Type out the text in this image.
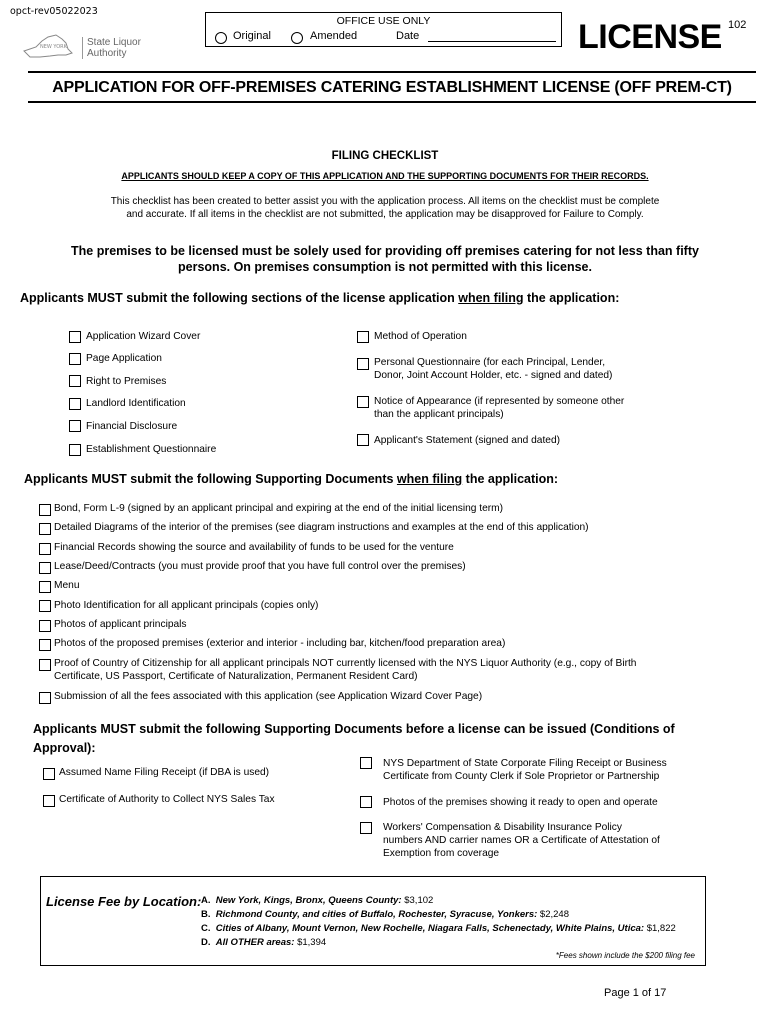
opct-rev05022023
NEW YORK State Liquor
Authority
OFFICE USE ONLY
Original	Amended	Date	LICENSE 102
APPLICATION FOR OFF-PREMISES CATERING ESTABLISHMENT LICENSE (OFF PREM-CT)
FILING CHECKLIST
APPLICANTS SHOULD KEEP A COPY OF THIS APPLICATION AND THE SUPPORTING DOCUMENTS FOR THEIR RECORDS.
This checklist has been created to better assist you with the application process. All items on the checklist must be complete
and accurate. If all items in the checklist are not submitted, the application may be disapproved for Failure to Comply.
The premises to be licensed must be solely used for providing off premises catering for not less than fifty
persons. On premises consumption is not permitted with this license.
Applicants MUST submit the following sections of the license application when filing the application:
Application Wizard Cover
Page Application
Right to Premises
Landlord Identification
Financial Disclosure
Establishment Questionnaire
Method of Operation
Personal Questionnaire (for each Principal, Lender,
Donor, Joint Account Holder, etc. - signed and dated)
Notice of Appearance (if represented by someone other
than the applicant principals)
Applicant's Statement (signed and dated)
Applicants MUST submit the following Supporting Documents when filing the application:
Bond, Form L-9 (signed by an applicant principal and expiring at the end of the initial licensing term)
Detailed Diagrams of the interior of the premises (see diagram instructions and examples at the end of this application)
Financial Records showing the source and availability of funds to be used for the venture
Lease/Deed/Contracts (you must provide proof that you have full control over the premises)
Menu
Photo Identification for all applicant principals (copies only)
Photos of applicant principals
Photos of the proposed premises (exterior and interior - including bar, kitchen/food preparation area)
Proof of Country of Citizenship for all applicant principals NOT currently licensed with the NYS Liquor Authority (e.g., copy of Birth
Certificate, US Passport, Certificate of Naturalization, Permanent Resident Card)
Submission of all the fees associated with this application (see Application Wizard Cover Page)
Applicants MUST submit the following Supporting Documents before a license can be issued (Conditions of
Approval):
Assumed Name Filing Receipt (if DBA is used)
Certificate of Authority to Collect NYS Sales Tax
NYS Department of State Corporate Filing Receipt or Business
Certificate from County Clerk if Sole Proprietor or Partnership
Photos of the premises showing it ready to open and operate
Workers' Compensation & Disability Insurance Policy
numbers AND carrier names OR a Certificate of Attestation of
Exemption from coverage
License Fee by Location: A. New York, Kings, Bronx, Queens County: $3,102
B. Richmond County, and cities of Buffalo, Rochester, Syracuse, Yonkers: $2,248
C. Cities of Albany, Mount Vernon, New Rochelle, Niagara Falls, Schenectady, White Plains, Utica: $1,822
D. All OTHER areas: $1,394
*Fees shown include the $200 filing fee
Page 1 of 17
